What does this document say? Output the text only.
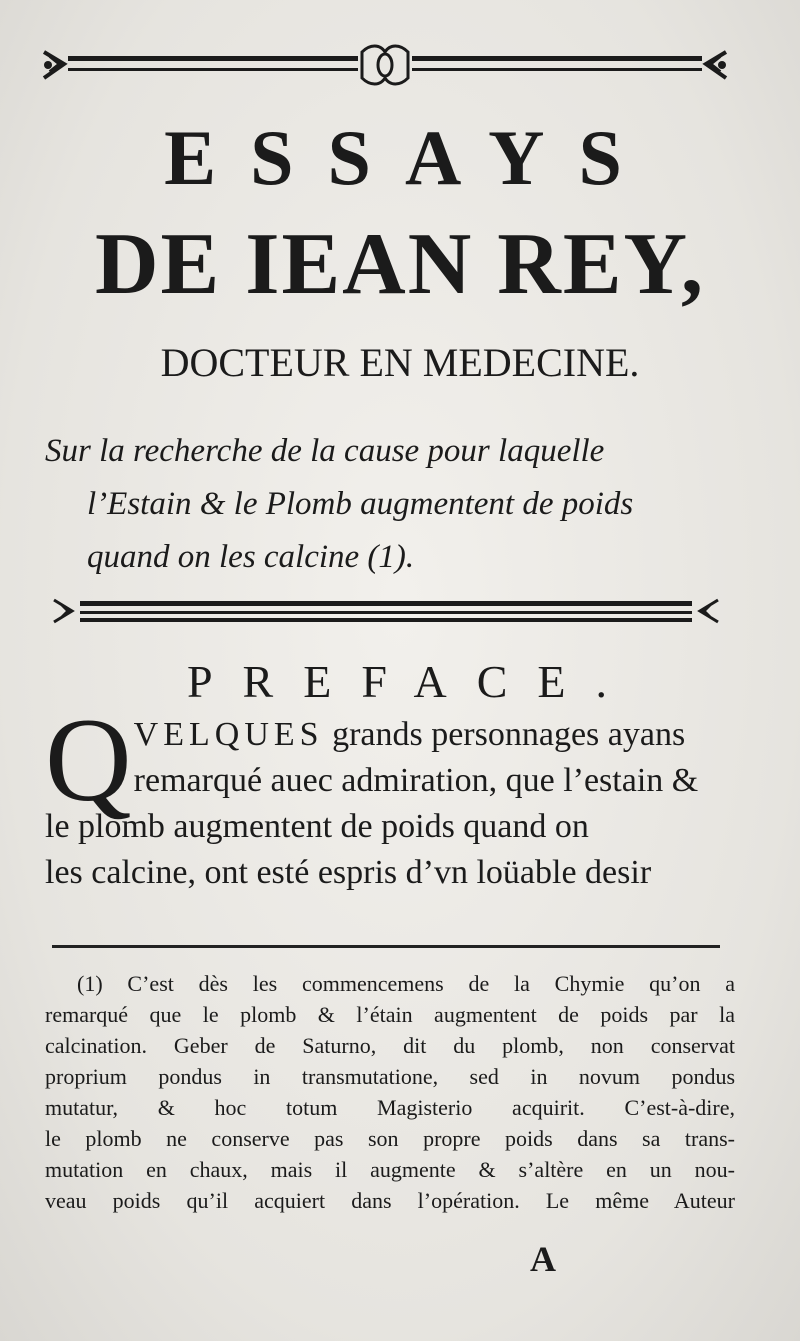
ESSAYS
DE IEAN REY,
DOCTEUR EN MEDECINE.
Sur la recherche de la cause pour laquelle
l’Estain & le Plomb augmentent de poids
quand on les calcine (1).
PREFACE.
Q VELQUES grands personnages ayans
remarqué auec admiration, que l’estain &
le plomb augmentent de poids quand on
les calcine, ont esté espris d’vn loüable desir
(1) C’est dès les commencemens de la Chymie qu’on a
remarqué que le plomb & l’étain augmentent de poids par la
calcination. Geber de Saturno, dit du plomb, non conservat
proprium pondus in transmutatione, sed in novum pondus
mutatur, & hoc totum Magisterio acquirit. C’est-à-dire,
le plomb ne conserve pas son propre poids dans sa trans-
mutation en chaux, mais il augmente & s’altère en un nou-
veau poids qu’il acquiert dans l’opération. Le même Auteur
A
